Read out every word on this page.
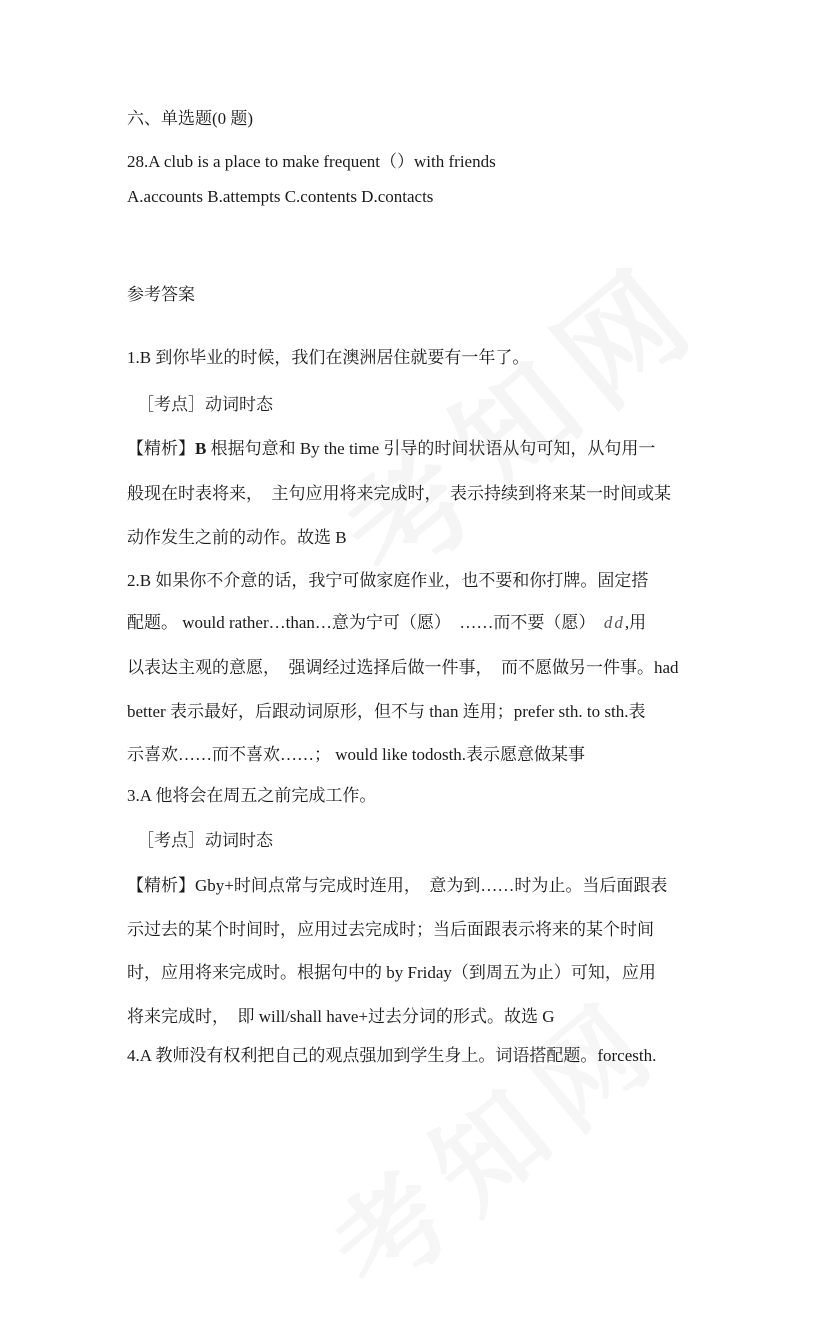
六、单选题(0 题)

28.A club is a place to make frequent（）with friends

A.accounts B.attempts C.contents D.contacts

参考答案

1.B 到你毕业的时候，我们在澳洲居住就要有一年了。

［考点］动词时态

【精析】B 根据句意和 By the time 引导的时间状语从句可知，从句用一

般现在时表将来，　主句应用将来完成时，　表示持续到将来某一时间或某

动作发生之前的动作。故选 B

2.B 如果你不介意的话，我宁可做家庭作业，也不要和你打牌。固定搭

配题。 would rather…than…意为宁可（愿）　……而不要（愿）　dd,用

以表达主观的意愿，　强调经过选择后做一件事，　而不愿做另一件事。had

better 表示最好，后跟动词原形，但不与 than 连用；prefer sth. to sth.表

示喜欢……而不喜欢……； would like todosth.表示愿意做某事

3.A 他将会在周五之前完成工作。

［考点］动词时态

【精析】Gby+时间点常与完成时连用，　意为到……时为止。当后面跟表

示过去的某个时间时，应用过去完成时；当后面跟表示将来的某个时间

时，应用将来完成时。根据句中的 by Friday（到周五为止）可知，应用

将来完成时，　即 will/shall have+过去分词的形式。故选 G

4.A 教师没有权利把自己的观点强加到学生身上。词语搭配题。forcesth.
